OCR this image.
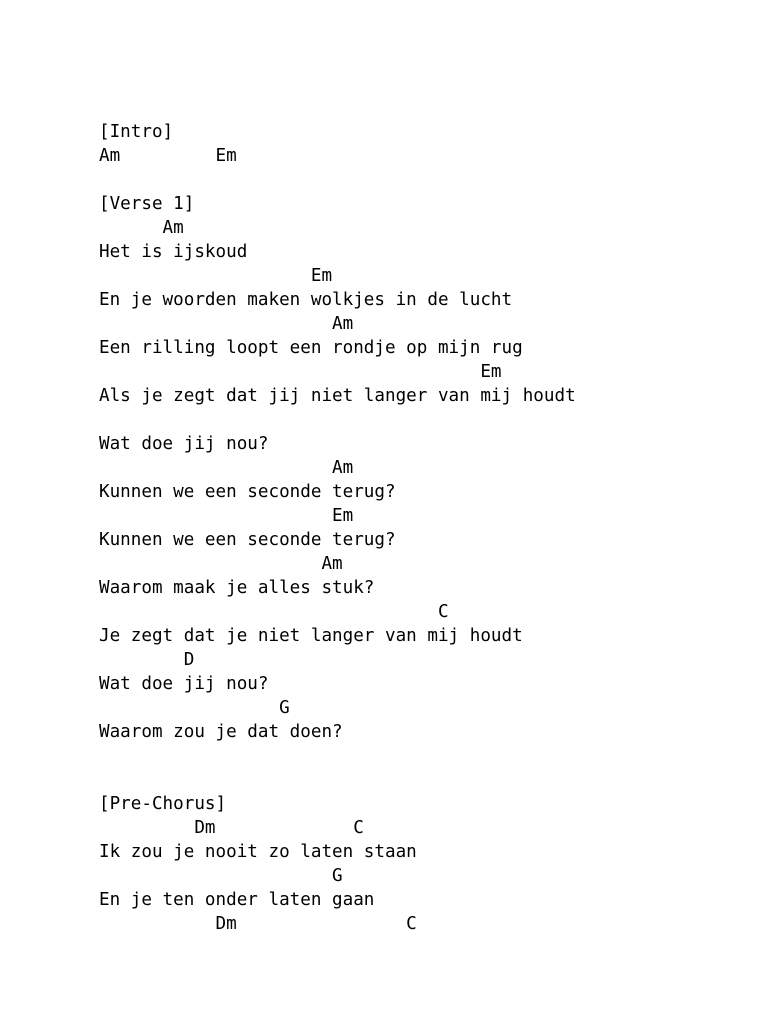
[Intro]
Am         Em
[Verse 1]
Am
Het is ijskoud
Em
En je woorden maken wolkjes in de lucht
Am
Een rilling loopt een rondje op mijn rug
Em
Als je zegt dat jij niet langer van mij houdt
Wat doe jij nou?
Am
Kunnen we een seconde terug?
Em
Kunnen we een seconde terug?
Am
Waarom maak je alles stuk?
C
Je zegt dat je niet langer van mij houdt
D
Wat doe jij nou?
G
Waarom zou je dat doen?
[Pre-Chorus]
Dm             C
Ik zou je nooit zo laten staan
G
En je ten onder laten gaan
Dm                C
